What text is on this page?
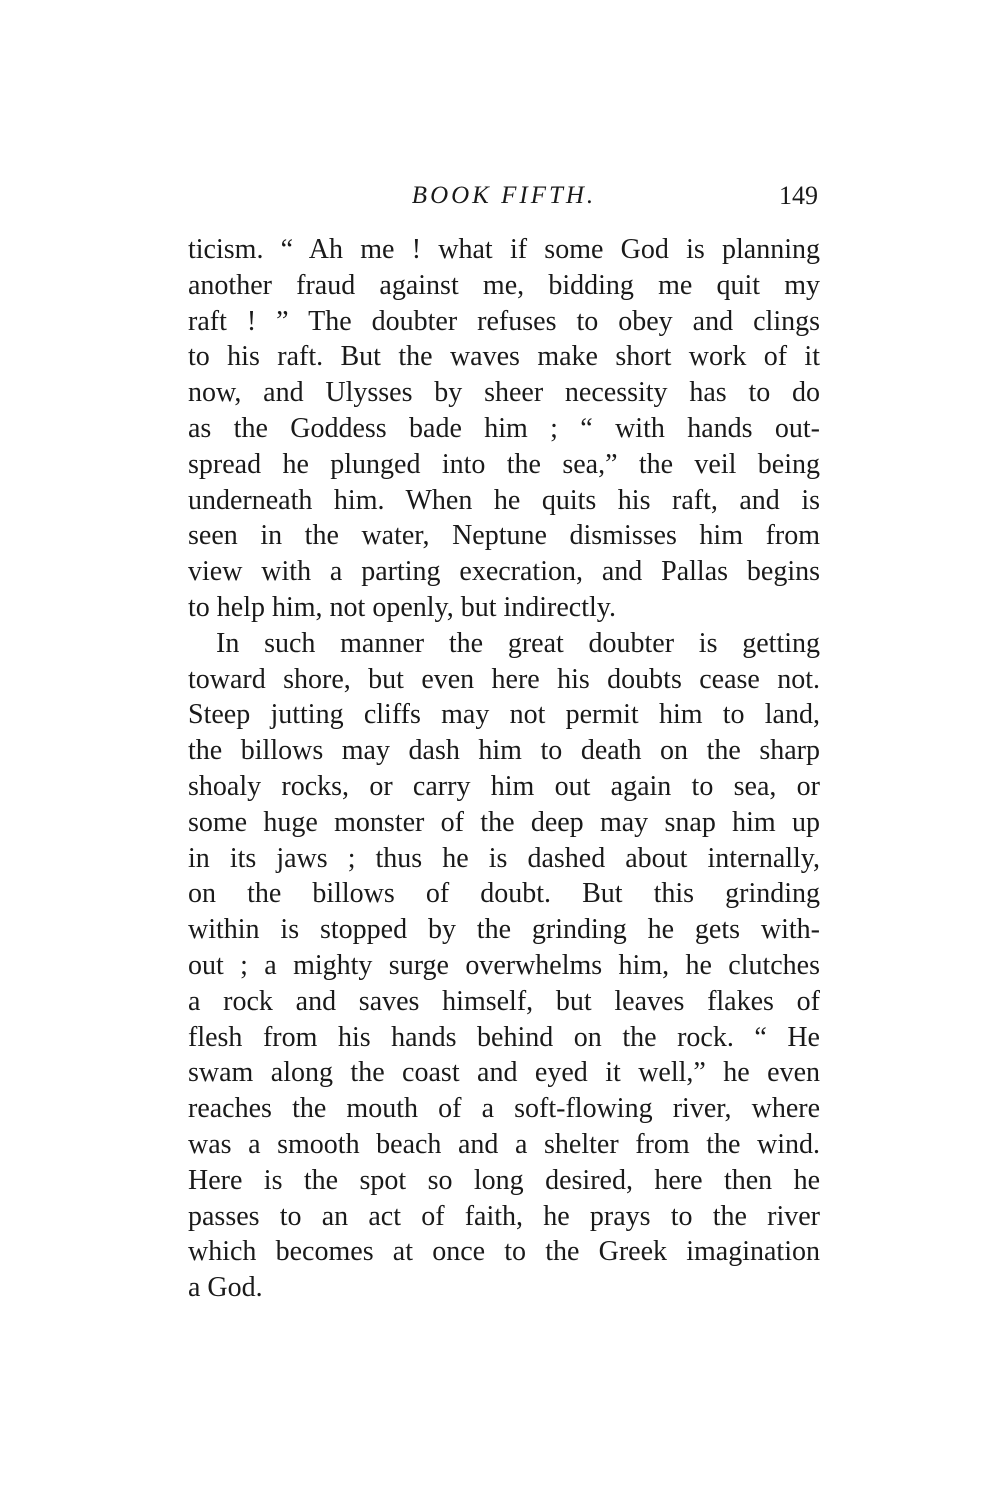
BOOK FIFTH.	149
ticism. “ Ah me ! what if some God is planning
another fraud against me, bidding me quit my
raft ! ” The doubter refuses to obey and clings
to his raft. But the waves make short work of it
now, and Ulysses by sheer necessity has to do
as the Goddess bade him ; “ with hands out-
spread he plunged into the sea,” the veil being
underneath him. When he quits his raft, and is
seen in the water, Neptune dismisses him from
view with a parting execration, and Pallas begins
to help him, not openly, but indirectly.
In such manner the great doubter is getting
toward shore, but even here his doubts cease not.
Steep jutting cliffs may not permit him to land,
the billows may dash him to death on the sharp
shoaly rocks, or carry him out again to sea, or
some huge monster of the deep may snap him up
in its jaws ; thus he is dashed about internally,
on the billows of doubt. But this grinding
within is stopped by the grinding he gets with-
out ; a mighty surge overwhelms him, he clutches
a rock and saves himself, but leaves flakes of
flesh from his hands behind on the rock. “ He
swam along the coast and eyed it well,” he even
reaches the mouth of a soft-flowing river, where
was a smooth beach and a shelter from the wind.
Here is the spot so long desired, here then he
passes to an act of faith, he prays to the river
which becomes at once to the Greek imagination
a God.
